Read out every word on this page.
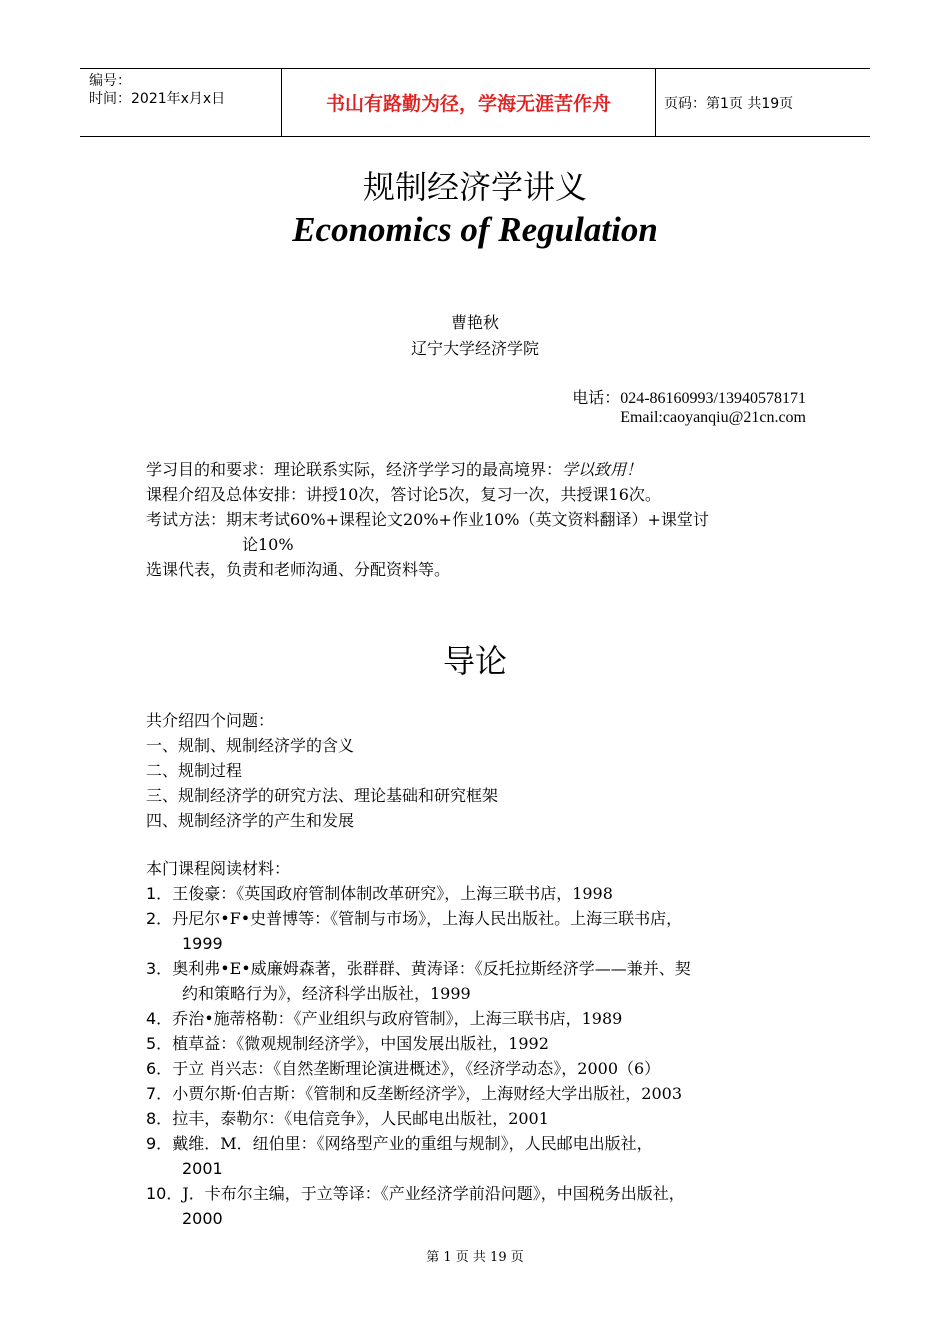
编号：
时间：2021年x月x日	书山有路勤为径，学海无涯苦作舟	页码：第1页 共19页
规制经济学讲义
Economics of Regulation
曹艳秋
辽宁大学经济学院
电话：024-86160993/13940578171
Email:caoyanqiu@21cn.com
学习目的和要求：理论联系实际，经济学学习的最高境界：学以致用！
课程介绍及总体安排：讲授10次，答讨论5次，复习一次，共授课16次。
考试方法：期末考试60%+课程论文20%+作业10%（英文资料翻译）+课堂讨
论10%
选课代表，负责和老师沟通、分配资料等。
导论
共介绍四个问题：
一、规制、规制经济学的含义
二、规制过程
三、规制经济学的研究方法、理论基础和研究框架
四、规制经济学的产生和发展
本门课程阅读材料：
1．王俊豪：《英国政府管制体制改革研究》，上海三联书店，1998
2．丹尼尔•F•史普博等：《管制与市场》，上海人民出版社。上海三联书店，
1999
3．奥利弗•E•威廉姆森著，张群群、黄涛译：《反托拉斯经济学——兼并、契
约和策略行为》，经济科学出版社，1999
4．乔治•施蒂格勒：《产业组织与政府管制》，上海三联书店，1989
5．植草益：《微观规制经济学》，中国发展出版社，1992
6．于立 肖兴志：《自然垄断理论演进概述》，《经济学动态》，2000（6）
7．小贾尔斯·伯吉斯：《管制和反垄断经济学》，上海财经大学出版社，2003
8．拉丰，泰勒尔：《电信竞争》，人民邮电出版社，2001
9．戴维．M．纽伯里：《网络型产业的重组与规制》，人民邮电出版社，
2001
10．J．卡布尔主编，于立等译：《产业经济学前沿问题》，中国税务出版社，
2000
第 1 页 共 19 页
